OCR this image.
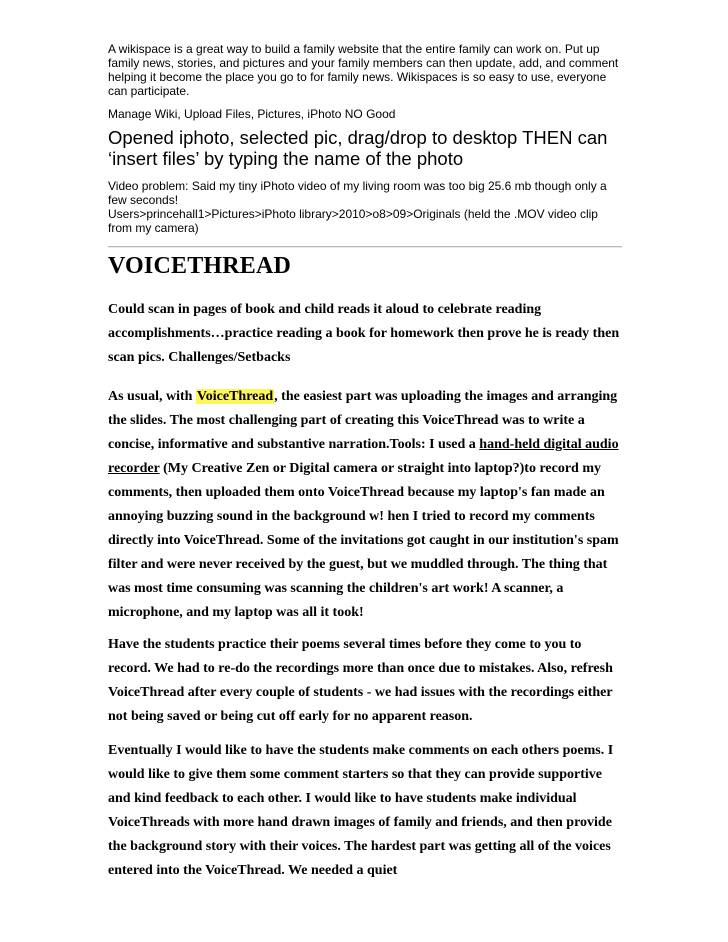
A wikispace is a great way to build a family website that the entire family can work on. Put up family news, stories, and pictures and your family members can then update, add, and comment helping it become the place you go to for family news. Wikispaces is so easy to use, everyone can participate.

Manage Wiki, Upload Files, Pictures, iPhoto NO Good

Opened iphoto, selected pic, drag/drop to desktop THEN can ‘insert files’ by typing the name of the photo

Video problem: Said my tiny iPhoto video of my living room was too big 25.6 mb though only a few seconds!
Users>princehall1>Pictures>iPhoto library>2010>o8>09>Originals (held the .MOV video clip from my camera)
VOICETHREAD

Could scan in pages of book and child reads it aloud to celebrate reading accomplishments…practice reading a book for homework then prove he is ready then scan pics. Challenges/Setbacks

As usual, with VoiceThread, the easiest part was uploading the images and arranging the slides. The most challenging part of creating this VoiceThread was to write a concise, informative and substantive narration.Tools: I used a hand-held digital audio recorder (My Creative Zen or Digital camera or straight into laptop?)to record my comments, then uploaded them onto VoiceThread because my laptop's fan made an annoying buzzing sound in the background w! hen I tried to record my comments directly into VoiceThread. Some of the invitations got caught in our institution's spam filter and were never received by the guest, but we muddled through. The thing that was most time consuming was scanning the children's art work! A scanner, a microphone, and my laptop was all it took!

Have the students practice their poems several times before they come to you to record. We had to re-do the recordings more than once due to mistakes. Also, refresh VoiceThread after every couple of students - we had issues with the recordings either not being saved or being cut off early for no apparent reason.

Eventually I would like to have the students make comments on each others poems. I would like to give them some comment starters so that they can provide supportive and kind feedback to each other. I would like to have students make individual VoiceThreads with more hand drawn images of family and friends, and then provide the background story with their voices. The hardest part was getting all of the voices entered into the VoiceThread. We needed a quiet
